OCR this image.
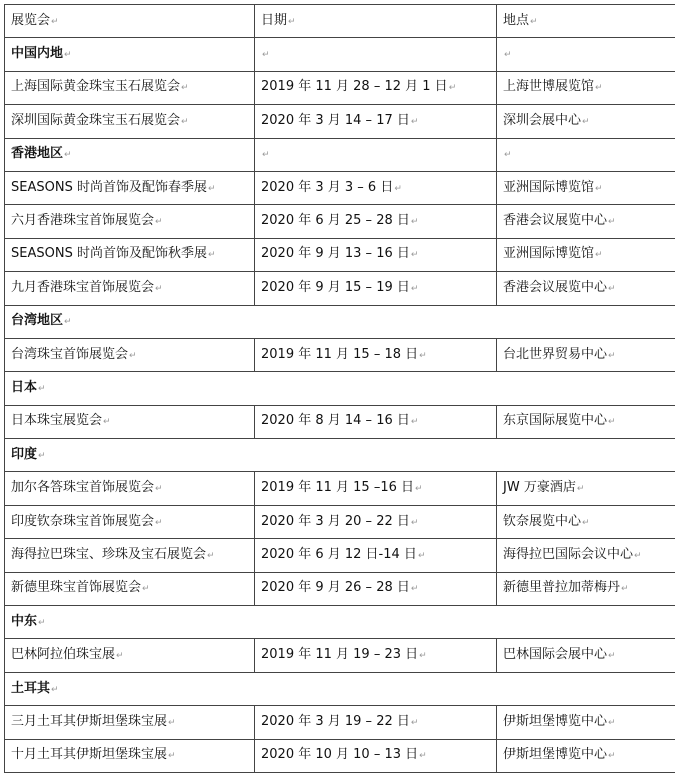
展览会↵	日期↵	地点↵
中国内地↵	↵	↵
上海国际黄金珠宝玉石展览会↵	2019 年 11 月 28 – 12 月 1 日↵	上海世博展览馆↵
深圳国际黄金珠宝玉石展览会↵	2020 年 3 月 14 – 17 日↵	深圳会展中心↵
香港地区↵	↵	↵
SEASONS 时尚首饰及配饰春季展↵	2020 年 3 月 3 – 6 日↵	亚洲国际博览馆↵
六月香港珠宝首饰展览会↵	2020 年 6 月 25 – 28 日↵	香港会议展览中心↵
SEASONS 时尚首饰及配饰秋季展↵	2020 年 9 月 13 – 16 日↵	亚洲国际博览馆↵
九月香港珠宝首饰展览会↵	2020 年 9 月 15 – 19 日↵	香港会议展览中心↵
台湾地区↵		
台湾珠宝首饰展览会↵	2019 年 11 月 15 – 18 日↵	台北世界贸易中心↵
日本↵		
日本珠宝展览会↵	2020 年 8 月 14 – 16 日↵	东京国际展览中心↵
印度↵		
加尔各答珠宝首饰展览会↵	2019 年 11 月 15 –16 日↵	JW 万豪酒店↵
印度钦奈珠宝首饰展览会↵	2020 年 3 月 20 – 22 日↵	钦奈展览中心↵
海得拉巴珠宝、珍珠及宝石展览会↵	2020 年 6 月 12 日-14 日↵	海得拉巴国际会议中心↵
新德里珠宝首饰展览会↵	2020 年 9 月 26 – 28 日↵	新德里普拉加蒂梅丹↵
中东↵		
巴林阿拉伯珠宝展↵	2019 年 11 月 19 – 23 日↵	巴林国际会展中心↵
土耳其↵		
三月土耳其伊斯坦堡珠宝展↵	2020 年 3 月 19 – 22 日↵	伊斯坦堡博览中心↵
十月土耳其伊斯坦堡珠宝展↵	2020 年 10 月 10 – 13 日↵	伊斯坦堡博览中心↵
